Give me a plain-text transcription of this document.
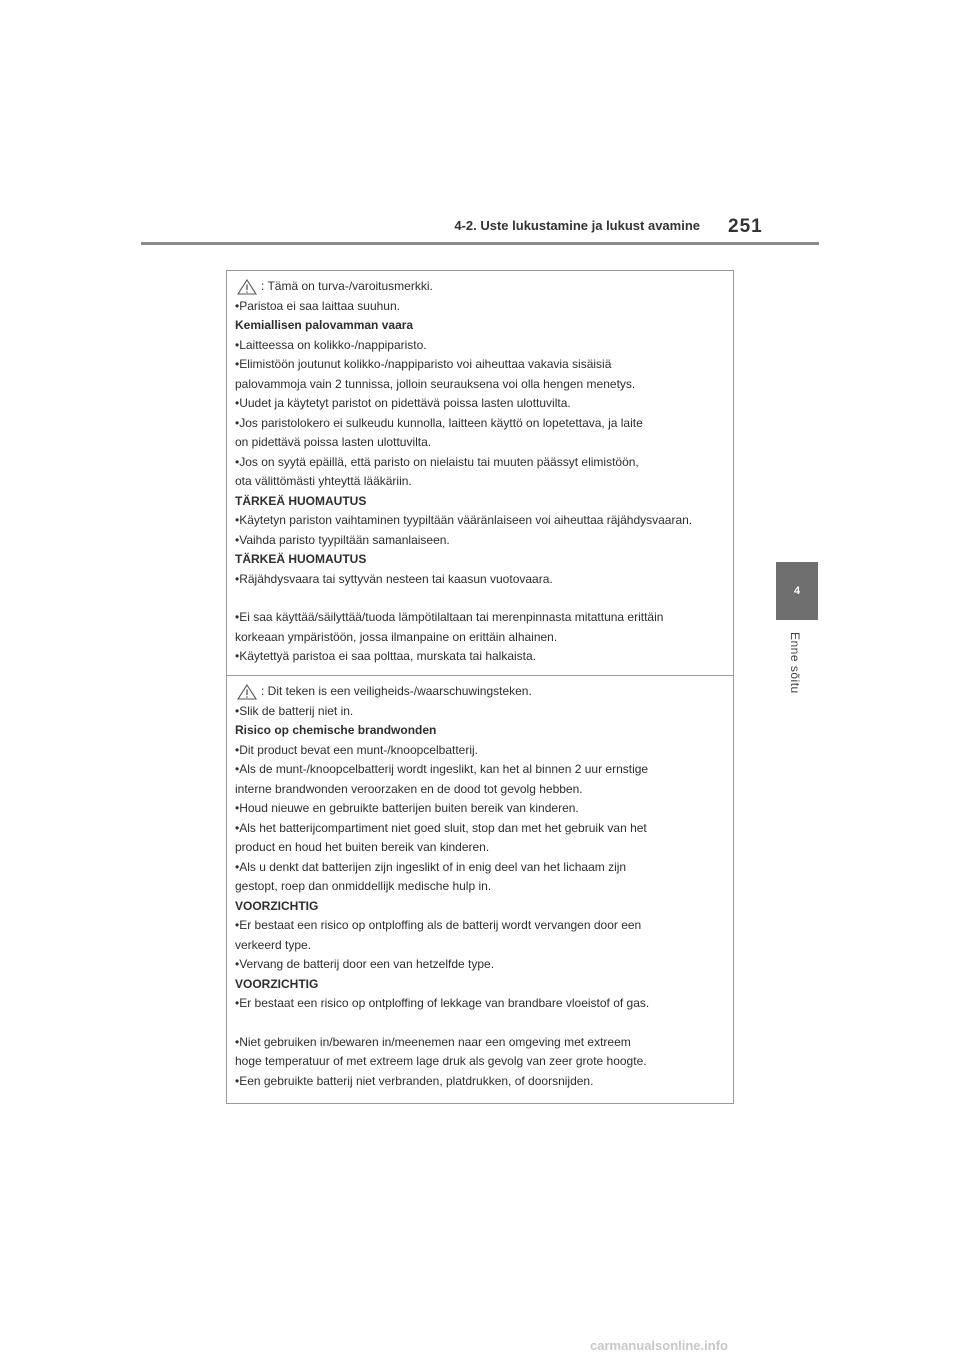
4-2. Uste lukustamine ja lukust avamine 251
4
Enne sõitu
: Tämä on turva-/varoitusmerkki.
•Paristoa ei saa laittaa suuhun.
Kemiallisen palovamman vaara
•Laitteessa on kolikko-/nappiparisto.
•Elimistöön joutunut kolikko-/nappiparisto voi aiheuttaa vakavia sisäisiä
palovammoja vain 2 tunnissa, jolloin seurauksena voi olla hengen menetys.
•Uudet ja käytetyt paristot on pidettävä poissa lasten ulottuvilta.
•Jos paristolokero ei sulkeudu kunnolla, laitteen käyttö on lopetettava, ja laite
on pidettävä poissa lasten ulottuvilta.
•Jos on syytä epäillä, että paristo on nielaistu tai muuten päässyt elimistöön,
ota välittömästi yhteyttä lääkäriin.
TÄRKEÄ HUOMAUTUS
•Käytetyn pariston vaihtaminen tyypiltään vääränlaiseen voi aiheuttaa räjähdysvaaran.
•Vaihda paristo tyypiltään samanlaiseen.
TÄRKEÄ HUOMAUTUS
•Räjähdysvaara tai syttyvän nesteen tai kaasun vuotovaara.
•Ei saa käyttää/säilyttää/tuoda lämpötilaltaan tai merenpinnasta mitattuna erittäin
korkeaan ympäristöön, jossa ilmanpaine on erittäin alhainen.
•Käytettyä paristoa ei saa polttaa, murskata tai halkaista.
: Dit teken is een veiligheids-/waarschuwingsteken.
•Slik de batterij niet in.
Risico op chemische brandwonden
•Dit product bevat een munt-/knoopcelbatterij.
•Als de munt-/knoopcelbatterij wordt ingeslikt, kan het al binnen 2 uur ernstige
interne brandwonden veroorzaken en de dood tot gevolg hebben.
•Houd nieuwe en gebruikte batterijen buiten bereik van kinderen.
•Als het batterijcompartiment niet goed sluit, stop dan met het gebruik van het
product en houd het buiten bereik van kinderen.
•Als u denkt dat batterijen zijn ingeslikt of in enig deel van het lichaam zijn
gestopt, roep dan onmiddellijk medische hulp in.
VOORZICHTIG
•Er bestaat een risico op ontploffing als de batterij wordt vervangen door een
verkeerd type.
•Vervang de batterij door een van hetzelfde type.
VOORZICHTIG
•Er bestaat een risico op ontploffing of lekkage van brandbare vloeistof of gas.
•Niet gebruiken in/bewaren in/meenemen naar een omgeving met extreem
hoge temperatuur of met extreem lage druk als gevolg van zeer grote hoogte.
•Een gebruikte batterij niet verbranden, platdrukken, of doorsnijden.
carmanualsonline.info
